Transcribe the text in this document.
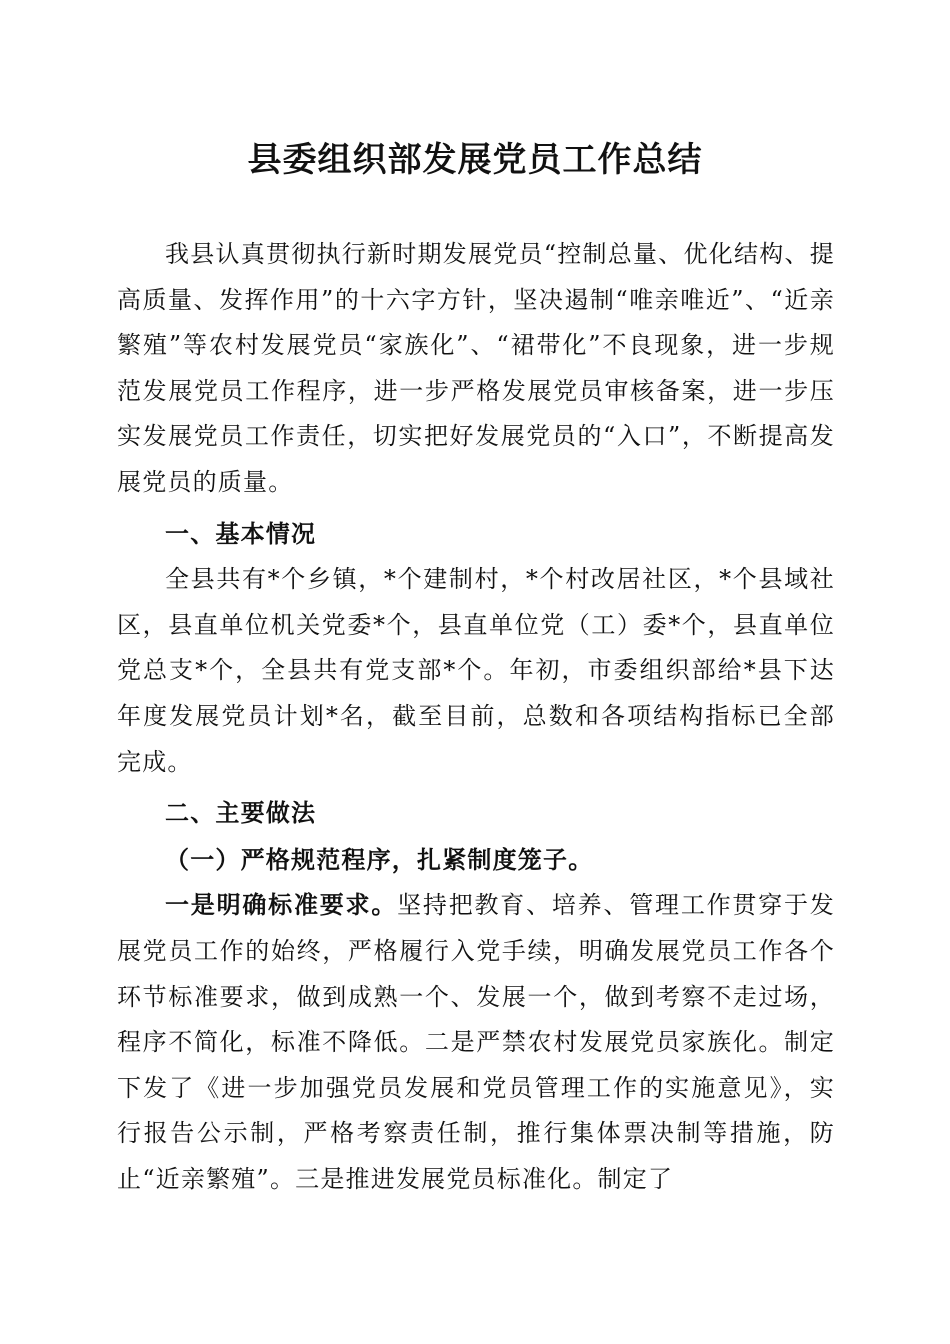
县委组织部发展党员工作总结

我县认真贯彻执行新时期发展党员“控制总量、优化结构、提高质量、发挥作用”的十六字方针，坚决遏制“唯亲唯近”、“近亲繁殖”等农村发展党员“家族化”、“裙带化”不良现象，进一步规范发展党员工作程序，进一步严格发展党员审核备案，进一步压实发展党员工作责任，切实把好发展党员的“入口”，不断提高发展党员的质量。

一、基本情况

全县共有*个乡镇，*个建制村，*个村改居社区，*个县域社区，县直单位机关党委*个，县直单位党（工）委*个，县直单位党总支*个，全县共有党支部*个。年初，市委组织部给*县下达年度发展党员计划*名，截至目前，总数和各项结构指标已全部完成。

二、主要做法
（一）严格规范程序，扎紧制度笼子。

一是明确标准要求。坚持把教育、培养、管理工作贯穿于发展党员工作的始终，严格履行入党手续，明确发展党员工作各个环节标准要求，做到成熟一个、发展一个，做到考察不走过场，程序不简化，标准不降低。二是严禁农村发展党员家族化。制定下发了《进一步加强党员发展和党员管理工作的实施意见》，实行报告公示制，严格考察责任制，推行集体票决制等措施，防止“近亲繁殖”。三是推进发展党员标准化。制定了
